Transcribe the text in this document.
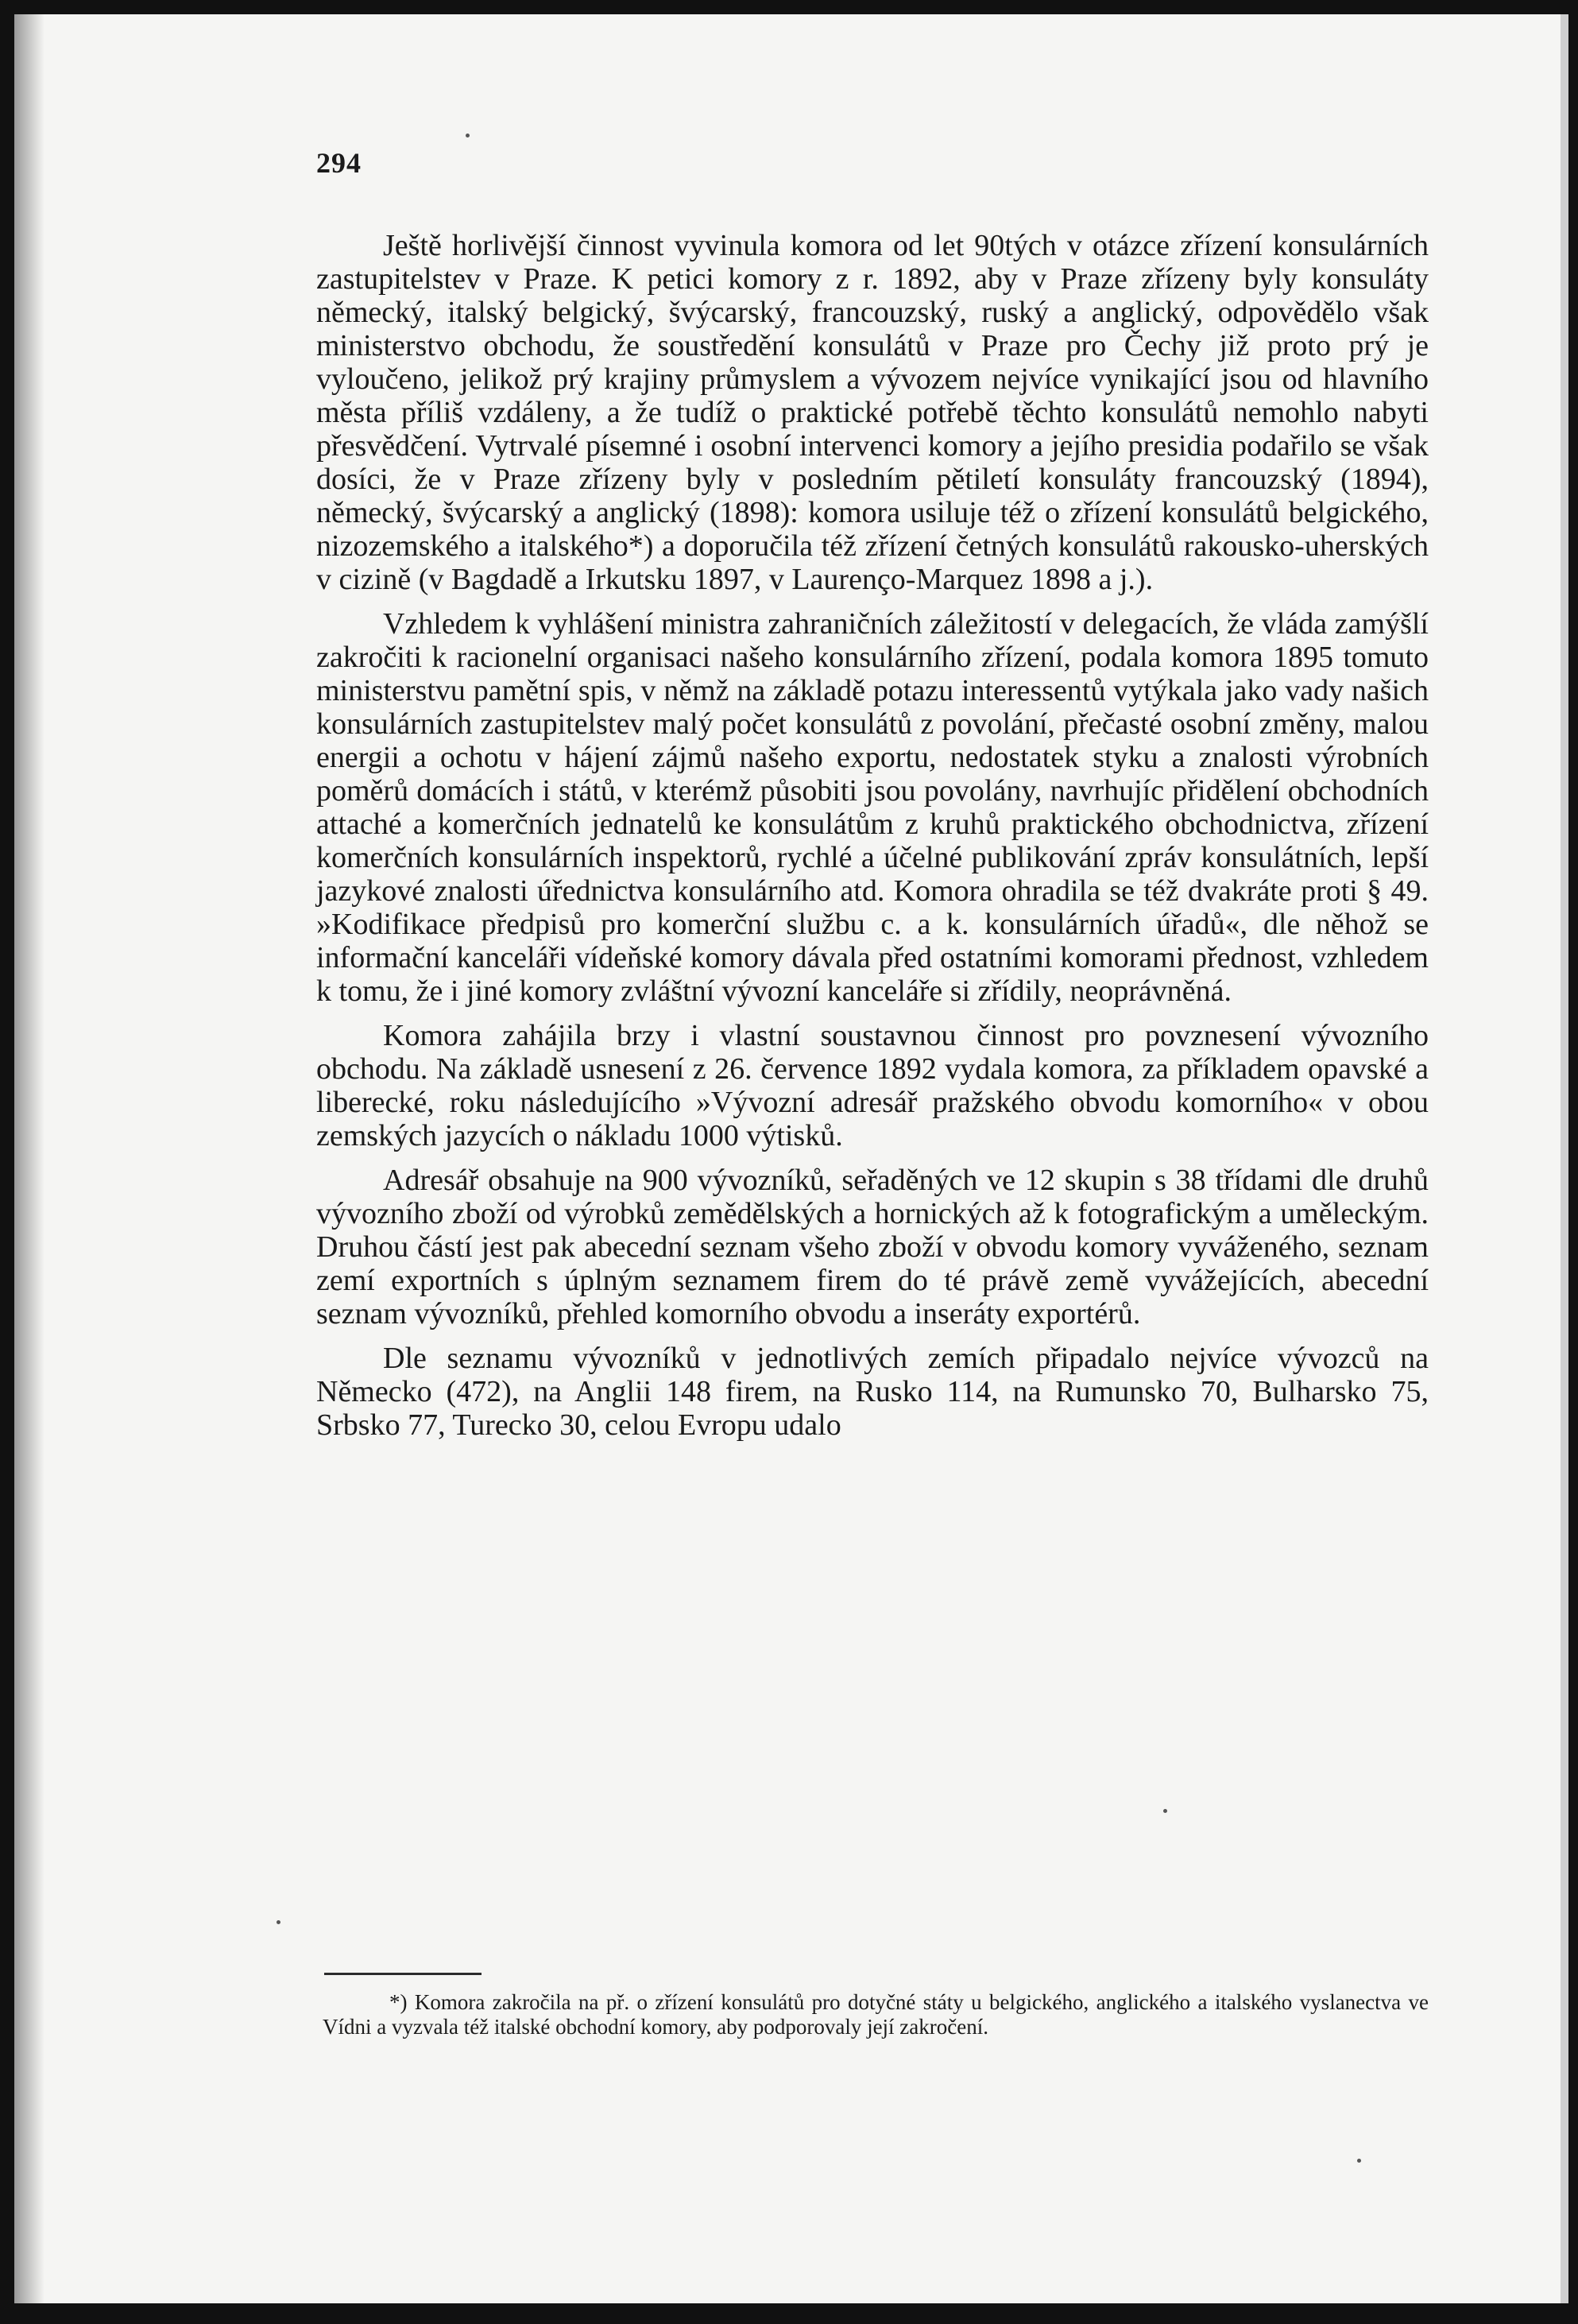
294

Ještě horlivější činnost vyvinula komora od let 90tých v otázce zřízení konsulárních zastupitelstev v Praze. K petici komory z r. 1892, aby v Praze zřízeny byly konsuláty německý, italský belgický, švýcarský, francouzský, ruský a anglický, odpovědělo však ministerstvo obchodu, že soustředění konsulátů v Praze pro Čechy již proto prý je vyloučeno, jelikož prý krajiny průmyslem a vývozem nejvíce vynikající jsou od hlavního města příliš vzdáleny, a že tudíž o praktické potřebě těchto konsulátů nemohlo nabyti přesvědčení. Vytrvalé písemné i osobní intervenci komory a jejího presidia podařilo se však dosíci, že v Praze zřízeny byly v posledním pětiletí konsuláty francouzský (1894), německý, švýcarský a anglický (1898): komora usiluje též o zřízení konsulátů belgického, nizozemského a italského*) a doporučila též zřízení četných konsulátů rakousko-uherských v cizině (v Bagdadě a Irkutsku 1897, v Laurenço-Marquez 1898 a j.).

Vzhledem k vyhlášení ministra zahraničních záležitostí v delegacích, že vláda zamýšlí zakročiti k racionelní organisaci našeho konsulárního zřízení, podala komora 1895 tomuto ministerstvu pamětní spis, v němž na základě potazu interessentů vytýkala jako vady našich konsulárních zastupitelstev malý počet konsulátů z povolání, přečasté osobní změny, malou energii a ochotu v hájení zájmů našeho exportu, nedostatek styku a znalosti výrobních poměrů domácích i států, v kterémž působiti jsou povolány, navrhujíc přidělení obchodních attaché a komerčních jednatelů ke konsulátům z kruhů praktického obchodnictva, zřízení komerčních konsulárních inspektorů, rychlé a účelné publikování zpráv konsulátních, lepší jazykové znalosti úřednictva konsulárního atd. Komora ohradila se též dvakráte proti § 49. »Kodifikace předpisů pro komerční službu c. a k. konsulárních úřadů«, dle něhož se informační kanceláři vídeňské komory dávala před ostatními komorami přednost, vzhledem k tomu, že i jiné komory zvláštní vývozní kanceláře si zřídily, neoprávněná.

Komora zahájila brzy i vlastní soustavnou činnost pro povznesení vývozního obchodu. Na základě usnesení z 26. července 1892 vydala komora, za příkladem opavské a liberecké, roku následujícího »Vývozní adresář pražského obvodu komorního« v obou zemských jazycích o nákladu 1000 výtisků.

Adresář obsahuje na 900 vývozníků, seřaděných ve 12 skupin s 38 třídami dle druhů vývozního zboží od výrobků zemědělských a hornických až k fotografickým a uměleckým. Druhou částí jest pak abecední seznam všeho zboží v obvodu komory vyváženého, seznam zemí exportních s úplným seznamem firem do té právě země vyvážejících, abecední seznam vývozníků, přehled komorního obvodu a inseráty exportérů.

Dle seznamu vývozníků v jednotlivých zemích připadalo nejvíce vývozců na Německo (472), na Anglii 148 firem, na Rusko 114, na Rumunsko 70, Bulharsko 75, Srbsko 77, Turecko 30, celou Evropu udalo

*) Komora zakročila na př. o zřízení konsulátů pro dotyčné státy u belgického, anglického a italského vyslanectva ve Vídni a vyzvala též italské obchodní komory, aby podporovaly její zakročení.
